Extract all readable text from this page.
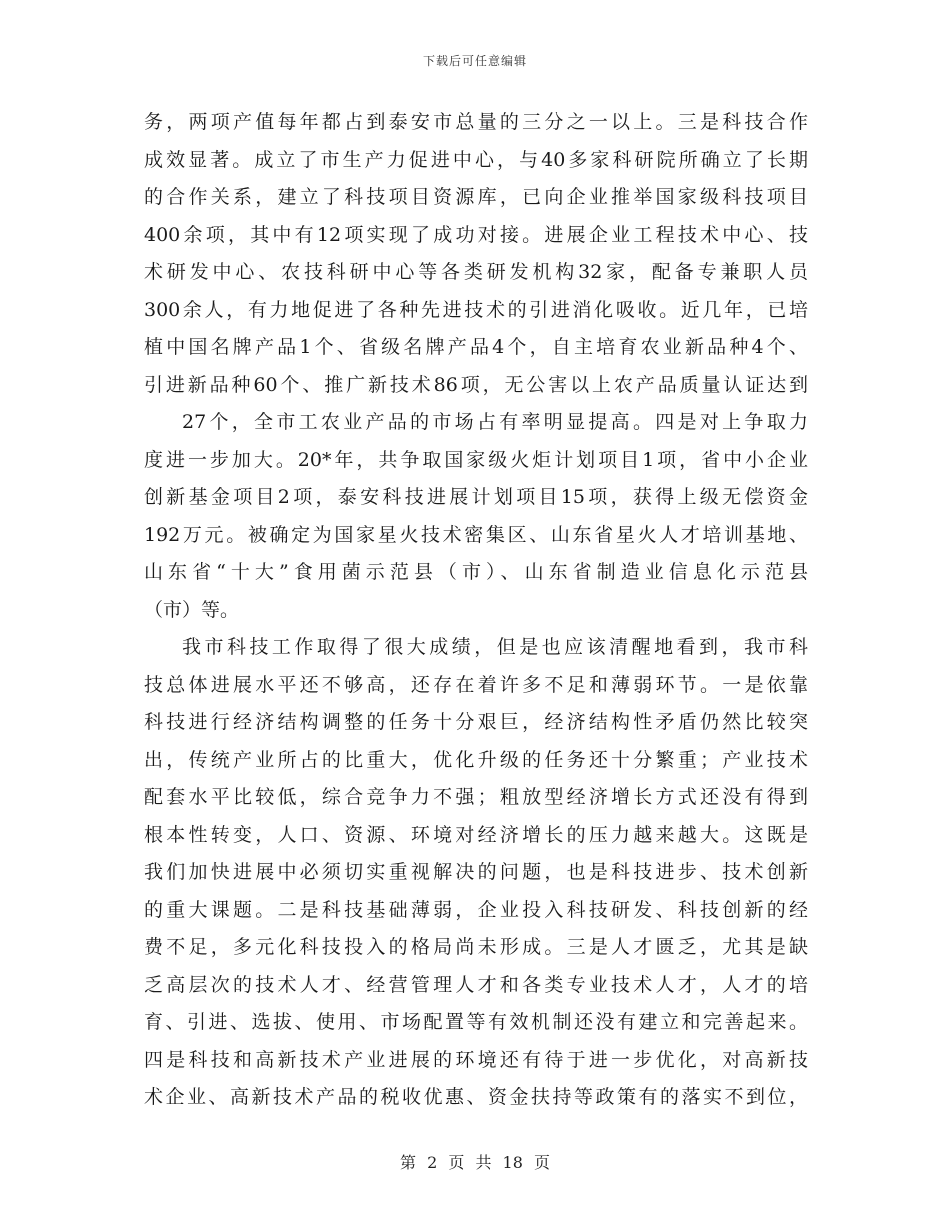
下载后可任意编辑
务，两项产值每年都占到泰安市总量的三分之一以上。三是科技合作
成效显著。成立了市生产力促进中心，与40多家科研院所确立了长期
的合作关系，建立了科技项目资源库，已向企业推举国家级科技项目
400余项，其中有12项实现了成功对接。进展企业工程技术中心、技
术研发中心、农技科研中心等各类研发机构32家，配备专兼职人员
300余人，有力地促进了各种先进技术的引进消化吸收。近几年，已培
植中国名牌产品1个、省级名牌产品4个，自主培育农业新品种4个、
引进新品种60个、推广新技术86项，无公害以上农产品质量认证达到
27个，全市工农业产品的市场占有率明显提高。四是对上争取力
度进一步加大。20*年，共争取国家级火炬计划项目1项，省中小企业
创新基金项目2项，泰安科技进展计划项目15项，获得上级无偿资金
192万元。被确定为国家星火技术密集区、山东省星火人才培训基地、
山东省“十大”食用菌示范县（市）、山东省制造业信息化示范县
（市）等。
我市科技工作取得了很大成绩，但是也应该清醒地看到，我市科
技总体进展水平还不够高，还存在着许多不足和薄弱环节。一是依靠
科技进行经济结构调整的任务十分艰巨，经济结构性矛盾仍然比较突
出，传统产业所占的比重大，优化升级的任务还十分繁重；产业技术
配套水平比较低，综合竞争力不强；粗放型经济增长方式还没有得到
根本性转变，人口、资源、环境对经济增长的压力越来越大。这既是
我们加快进展中必须切实重视解决的问题，也是科技进步、技术创新
的重大课题。二是科技基础薄弱，企业投入科技研发、科技创新的经
费不足，多元化科技投入的格局尚未形成。三是人才匮乏，尤其是缺
乏高层次的技术人才、经营管理人才和各类专业技术人才，人才的培
育、引进、选拔、使用、市场配置等有效机制还没有建立和完善起来。
四是科技和高新技术产业进展的环境还有待于进一步优化，对高新技
术企业、高新技术产品的税收优惠、资金扶持等政策有的落实不到位，
第 2 页 共 18 页
